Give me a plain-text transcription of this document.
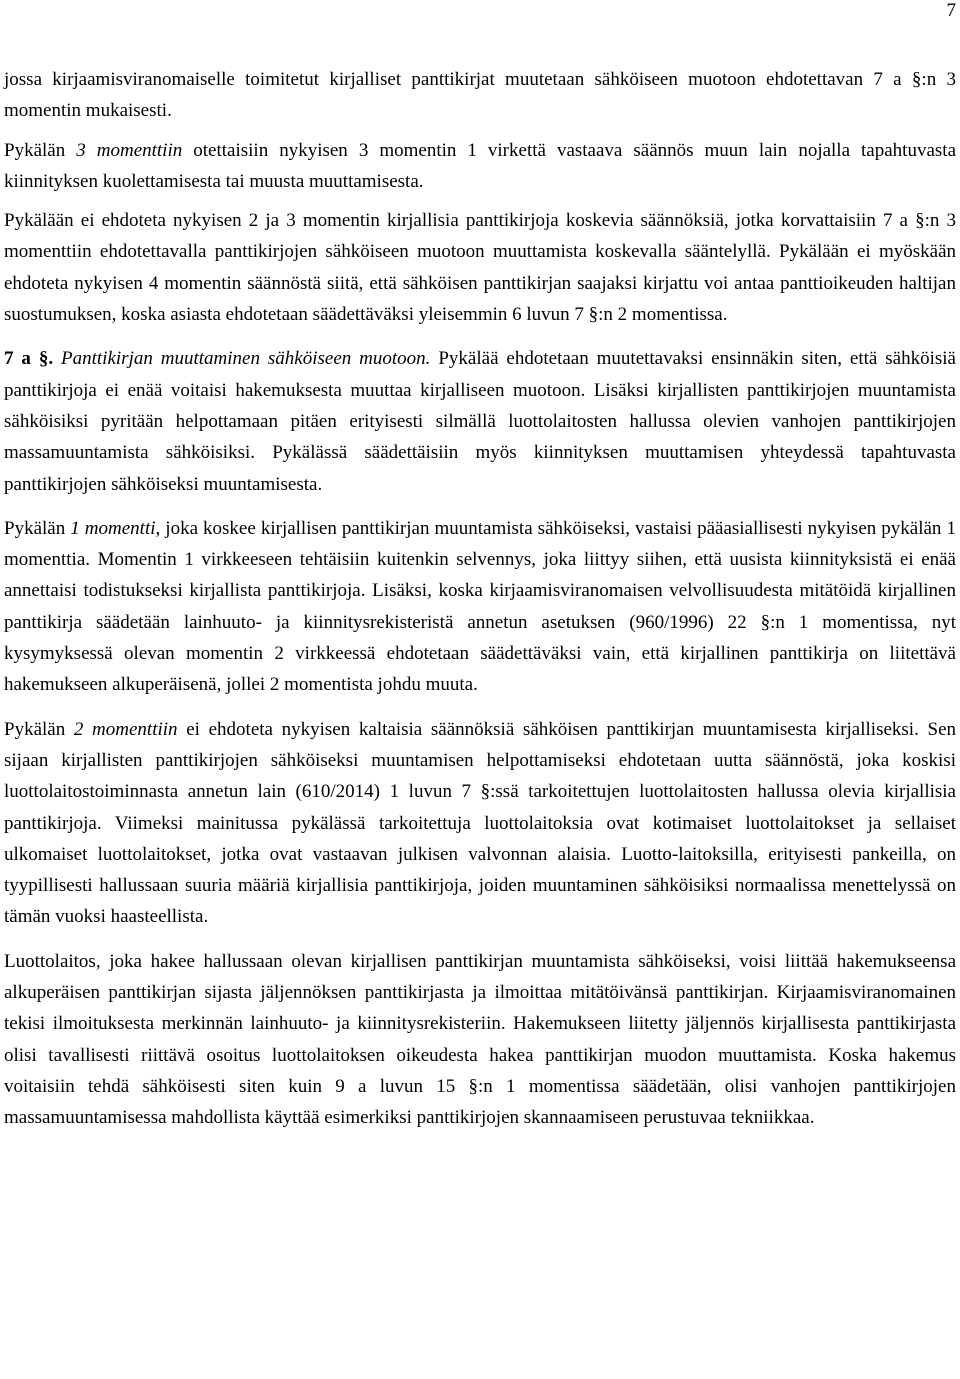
7

jossa kirjaamisviranomaiselle toimitetut kirjalliset panttikirjat muutetaan sähköiseen muotoon ehdotettavan 7 a §:n 3 momentin mukaisesti.

Pykälän 3 momenttiin otettaisiin nykyisen 3 momentin 1 virkettä vastaava säännös muun lain nojalla tapahtuvasta kiinnityksen kuolettamisesta tai muusta muuttamisesta.

Pykälään ei ehdoteta nykyisen 2 ja 3 momentin kirjallisia panttikirjoja koskevia säännöksiä, jotka korvattaisiin 7 a §:n 3 momenttiin ehdotettavalla panttikirjojen sähköiseen muotoon muuttamista koskevalla sääntelyllä. Pykälään ei myöskään ehdoteta nykyisen 4 momentin säännöstä siitä, että sähköisen panttikirjan saajaksi kirjattu voi antaa panttioikeuden haltijan suostumuksen, koska asiasta ehdotetaan säädettäväksi yleisemmin 6 luvun 7 §:n 2 momentissa.

7 a §. Panttikirjan muuttaminen sähköiseen muotoon. Pykälää ehdotetaan muutettavaksi ensinnäkin siten, että sähköisiä panttikirjoja ei enää voitaisi hakemuksesta muuttaa kirjalliseen muotoon. Lisäksi kirjallisten panttikirjojen muuntamista sähköisiksi pyritään helpottamaan pitäen erityisesti silmällä luottolaitosten hallussa olevien vanhojen panttikirjojen massamuuntamista sähköisiksi. Pykälässä säädettäisiin myös kiinnityksen muuttamisen yhteydessä tapahtuvasta panttikirjojen sähköiseksi muuntamisesta.

Pykälän 1 momentti, joka koskee kirjallisen panttikirjan muuntamista sähköiseksi, vastaisi pääasiallisesti nykyisen pykälän 1 momenttia. Momentin 1 virkkeeseen tehtäisiin kuitenkin selvennys, joka liittyy siihen, että uusista kiinnityksistä ei enää annettaisi todistukseksi kirjallista panttikirjoja. Lisäksi, koska kirjaamisviranomaisen velvollisuudesta mitätöidä kirjallinen panttikirja säädetään lainhuuto- ja kiinnitysrekisteristä annetun asetuksen (960/1996) 22 §:n 1 momentissa, nyt kysymyksessä olevan momentin 2 virkkeessä ehdotetaan säädettäväksi vain, että kirjallinen panttikirja on liitettävä hakemukseen alkuperäisenä, jollei 2 momentista johdu muuta.

Pykälän 2 momenttiin ei ehdoteta nykyisen kaltaisia säännöksiä sähköisen panttikirjan muuntamisesta kirjalliseksi. Sen sijaan kirjallisten panttikirjojen sähköiseksi muuntamisen helpottamiseksi ehdotetaan uutta säännöstä, joka koskisi luottolaitostoiminnasta annetun lain (610/2014) 1 luvun 7 §:ssä tarkoitettujen luottolaitosten hallussa olevia kirjallisia panttikirjoja. Viimeksi mainitussa pykälässä tarkoitettuja luottolaitoksia ovat kotimaiset luottolaitokset ja sellaiset ulkomaiset luottolaitokset, jotka ovat vastaavan julkisen valvonnan alaisia. Luotto-laitoksilla, erityisesti pankeilla, on tyypillisesti hallussaan suuria määriä kirjallisia panttikirjoja, joiden muuntaminen sähköisiksi normaalissa menettelyssä on tämän vuoksi haasteellista.

Luottolaitos, joka hakee hallussaan olevan kirjallisen panttikirjan muuntamista sähköiseksi, voisi liittää hakemukseensa alkuperäisen panttikirjan sijasta jäljennöksen panttikirjasta ja ilmoittaa mitätöivänsä panttikirjan. Kirjaamisviranomainen tekisi ilmoituksesta merkinnän lainhuuto- ja kiinnitysrekisteriin. Hakemukseen liitetty jäljennös kirjallisesta panttikirjasta olisi tavallisesti riittävä osoitus luottolaitoksen oikeudesta hakea panttikirjan muodon muuttamista. Koska hakemus voitaisiin tehdä sähköisesti siten kuin 9 a luvun 15 §:n 1 momentissa säädetään, olisi vanhojen panttikirjojen massamuuntamisessa mahdollista käyttää esimerkiksi panttikirjojen skannaamiseen perustuvaa tekniikkaa.
